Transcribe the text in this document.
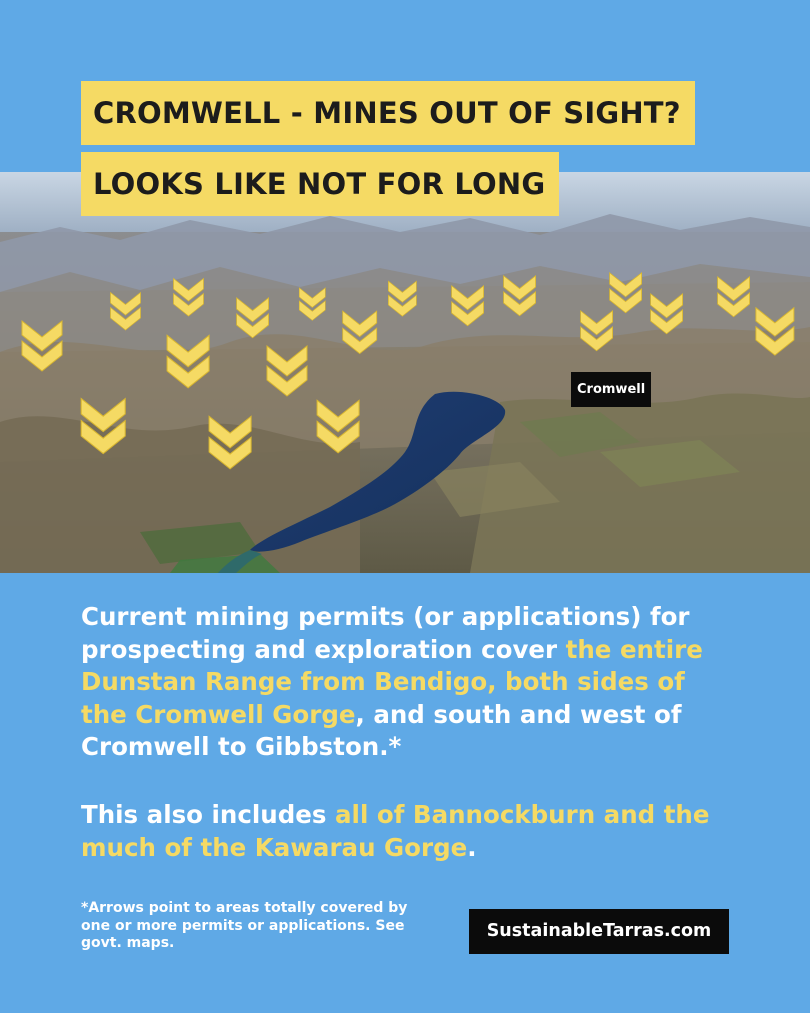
CROMWELL - MINES OUT OF SIGHT?
LOOKS LIKE NOT FOR LONG
Cromwell

Current mining permits (or applications) for prospecting and exploration cover the entire Dunstan Range from Bendigo, both sides of the Cromwell Gorge, and south and west of Cromwell to Gibbston.*

This also includes all of Bannockburn and the much of the Kawarau Gorge.

*Arrows point to areas totally covered by one or more permits or applications. See govt. maps.

SustainableTarras.com
